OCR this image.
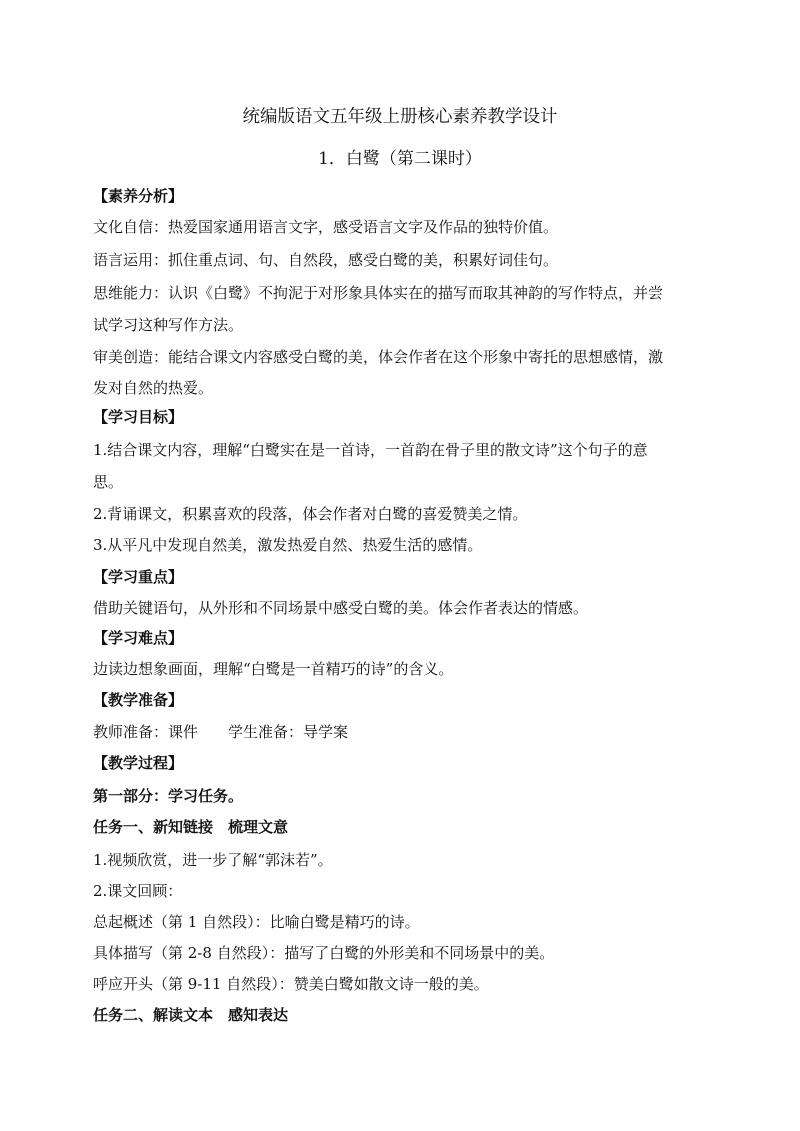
统编版语文五年级上册核心素养教学设计
1．白鹭（第二课时）
【素养分析】
文化自信：热爱国家通用语言文字，感受语言文字及作品的独特价值。
语言运用：抓住重点词、句、自然段，感受白鹭的美，积累好词佳句。
思维能力：认识《白鹭》不拘泥于对形象具体实在的描写而取其神韵的写作特点，并尝
试学习这种写作方法。
审美创造：能结合课文内容感受白鹭的美，体会作者在这个形象中寄托的思想感情，激
发对自然的热爱。
【学习目标】
1.结合课文内容，理解“白鹭实在是一首诗，一首韵在骨子里的散文诗”这个句子的意
思。
2.背诵课文，积累喜欢的段落，体会作者对白鹭的喜爱赞美之情。
3.从平凡中发现自然美，激发热爱自然、热爱生活的感情。
【学习重点】
借助关键语句，从外形和不同场景中感受白鹭的美。体会作者表达的情感。
【学习难点】
边读边想象画面，理解“白鹭是一首精巧的诗”的含义。
【教学准备】
教师准备：课件　　学生准备：导学案
【教学过程】
第一部分：学习任务。
任务一、新知链接　梳理文意
1.视频欣赏，进一步了解“郭沫若”。
2.课文回顾：
总起概述（第 1 自然段）：比喻白鹭是精巧的诗。
具体描写（第 2-8 自然段）：描写了白鹭的外形美和不同场景中的美。
呼应开头（第 9-11 自然段）：赞美白鹭如散文诗一般的美。
任务二、解读文本　感知表达
